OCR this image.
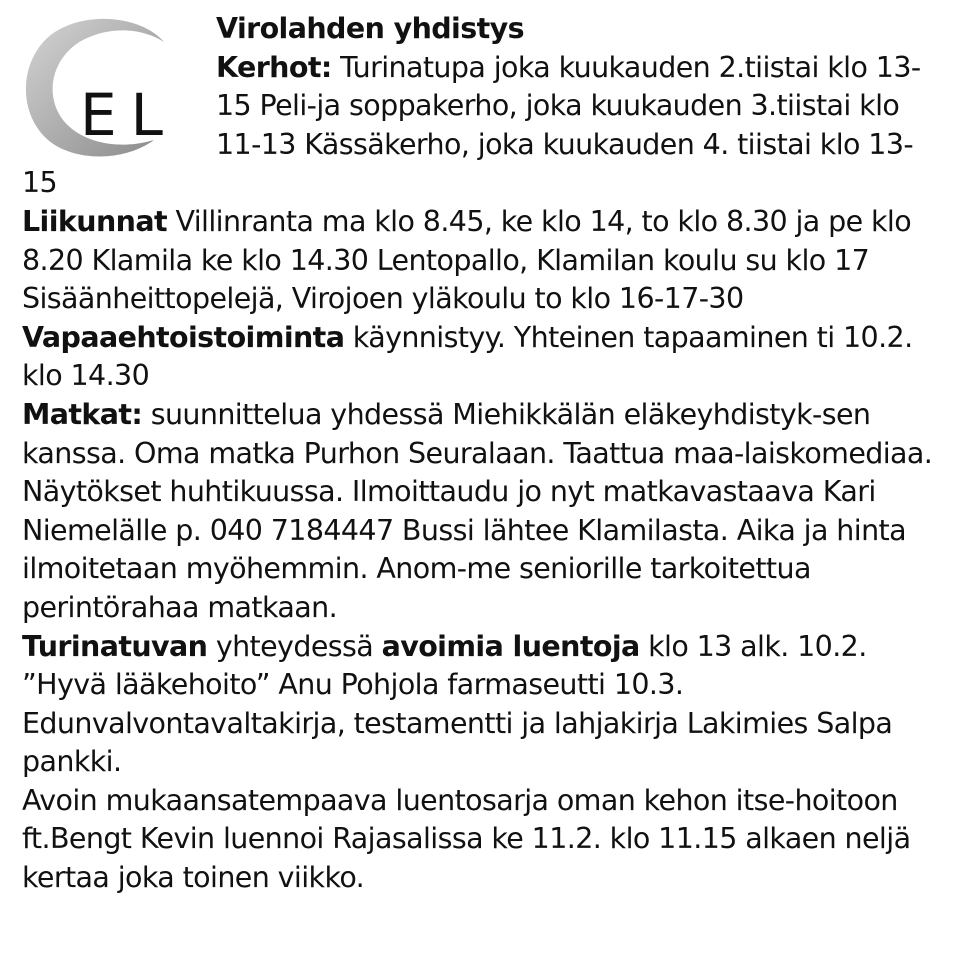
EL

Virolahden yhdistys

Kerhot: Turinatupa joka kuukauden 2.tiistai klo 13-15 Peli-ja soppakerho, joka kuukauden 3.tiistai klo 11-13 Kässäkerho, joka kuukauden 4. tiistai klo 13-15

Liikunnat Villinranta ma klo 8.45, ke klo 14, to klo 8.30 ja pe klo 8.20 Klamila ke klo 14.30 Lentopallo, Klamilan koulu su klo 17 Sisäänheittopelejä, Virojoen yläkoulu to klo 16-17-30

Vapaaehtoistoiminta käynnistyy. Yhteinen tapaaminen ti 10.2. klo 14.30

Matkat: suunnittelua yhdessä Miehikkälän eläkeyhdistyk-sen kanssa. Oma matka Purhon Seuralaan. Taattua maa-laiskomediaa. Näytökset huhtikuussa. Ilmoittaudu jo nyt matkavastaava Kari Niemelälle p. 040 7184447 Bussi lähtee Klamilasta. Aika ja hinta ilmoitetaan myöhemmin. Anom-me seniorille tarkoitettua perintörahaa matkaan.

Turinatuvan yhteydessä avoimia luentoja klo 13 alk. 10.2. ”Hyvä lääkehoito” Anu Pohjola farmaseutti 10.3. Edunvalvontavaltakirja, testamentti ja lahjakirja Lakimies Salpa pankki.

Avoin mukaansatempaava luentosarja oman kehon itse-hoitoon ft.Bengt Kevin luennoi Rajasalissa ke 11.2. klo 11.15 alkaen neljä kertaa joka toinen viikko.
